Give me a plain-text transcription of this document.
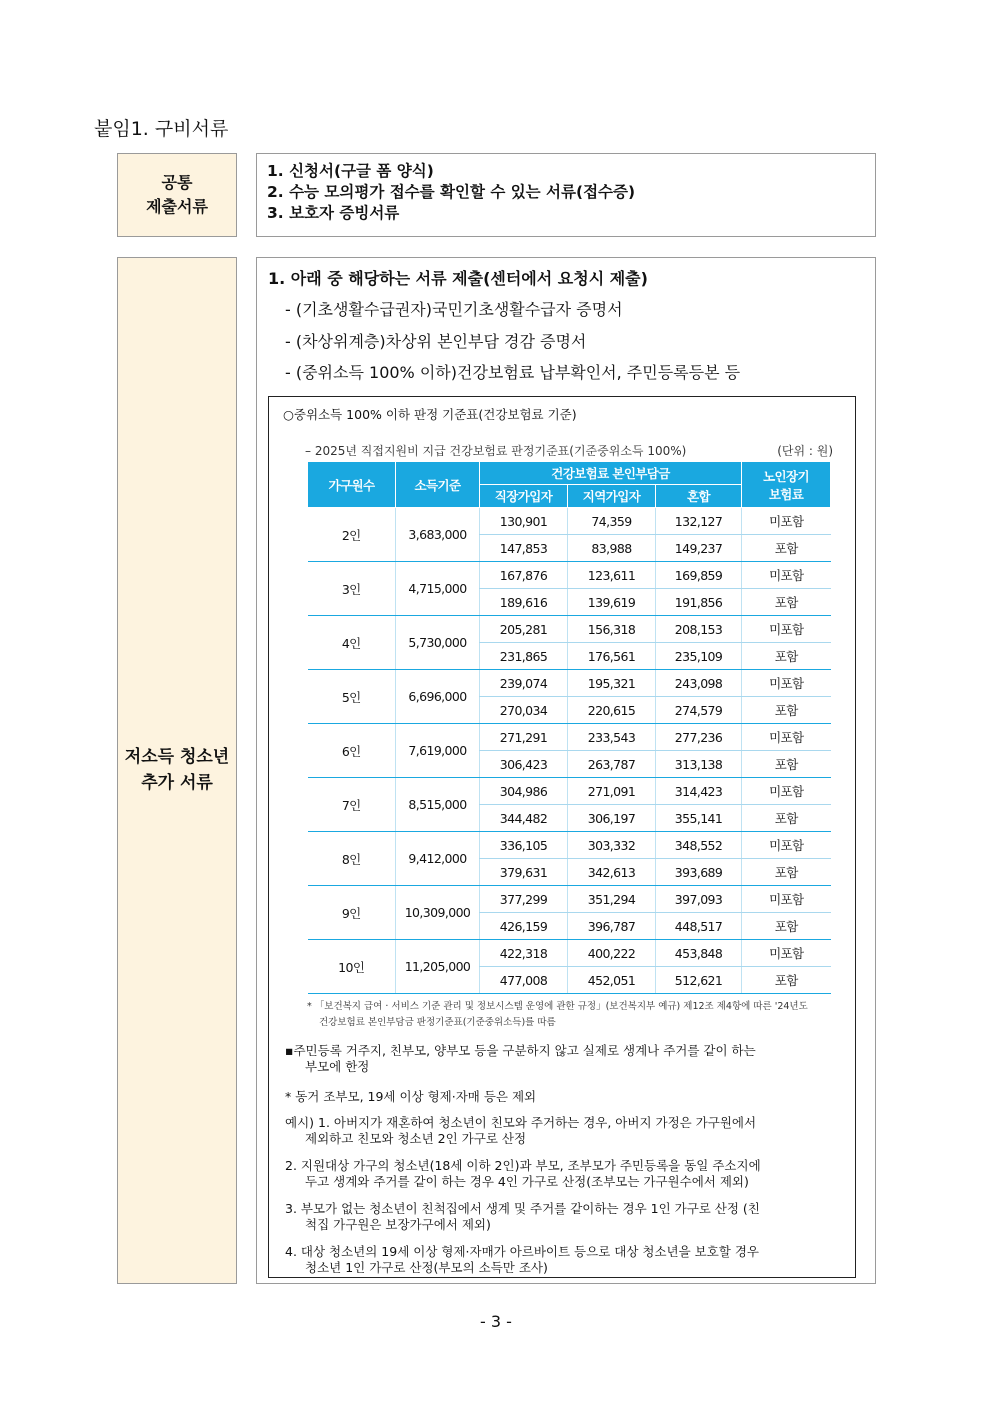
붙임1. 구비서류
공통
제출서류
1. 신청서(구글 폼 양식)
2. 수능 모의평가 접수를 확인할 수 있는 서류(접수증)
3. 보호자 증빙서류
저소득 청소년
추가 서류
1. 아래 중 해당하는 서류 제출(센터에서 요청시 제출)
- (기초생활수급권자)국민기초생활수급자 증명서
- (차상위계층)차상위 본인부담 경감 증명서
- (중위소득 100% 이하)건강보험료 납부확인서, 주민등록등본 등
○중위소득 100% 이하 판정 기준표(건강보험료 기준)
– 2025년 직접지원비 지급 건강보험료 판정기준표(기준중위소득 100%)	(단위 : 원)
가구원수	소득기준	건강보험료 본인부담금			노인장기
보험료

		직장가입자	지역가입자	혼합	
2인	3,683,000	130,901	74,359	132,127	미포함
		147,853	83,988	149,237	포함
3인	4,715,000	167,876	123,611	169,859	미포함
		189,616	139,619	191,856	포함
4인	5,730,000	205,281	156,318	208,153	미포함
		231,865	176,561	235,109	포함
5인	6,696,000	239,074	195,321	243,098	미포함
		270,034	220,615	274,579	포함
6인	7,619,000	271,291	233,543	277,236	미포함
		306,423	263,787	313,138	포함
7인	8,515,000	304,986	271,091	314,423	미포함
		344,482	306,197	355,141	포함
8인	9,412,000	336,105	303,332	348,552	미포함
		379,631	342,613	393,689	포함
9인	10,309,000	377,299	351,294	397,093	미포함
		426,159	396,787	448,517	포함
10인	11,205,000	422,318	400,222	453,848	미포함
		477,008	452,051	512,621	포함
* 「보건복지 급여 · 서비스 기준 관리 및 정보시스템 운영에 관한 규정」(보건복지부 예규) 제12조 제4항에 따른 '24년도
건강보험료 본인부담금 판정기준표(기준중위소득)를 따름
▪주민등록 거주지, 친부모, 양부모 등을 구분하지 않고 실제로 생계나 주거를 같이 하는
부모에 한정
* 동거 조부모, 19세 이상 형제·자매 등은 제외
예시) 1. 아버지가 재혼하여 청소년이 친모와 주거하는 경우, 아버지 가정은 가구원에서
제외하고 친모와 청소년 2인 가구로 산정
2. 지원대상 가구의 청소년(18세 이하 2인)과 부모, 조부모가 주민등록을 동일 주소지에
두고 생계와 주거를 같이 하는 경우 4인 가구로 산정(조부모는 가구원수에서 제외)
3. 부모가 없는 청소년이 친척집에서 생계 및 주거를 같이하는 경우 1인 가구로 산정 (친
척집 가구원은 보장가구에서 제외)
4. 대상 청소년의 19세 이상 형제·자매가 아르바이트 등으로 대상 청소년을 보호할 경우
청소년 1인 가구로 산정(부모의 소득만 조사)
- 3 -
